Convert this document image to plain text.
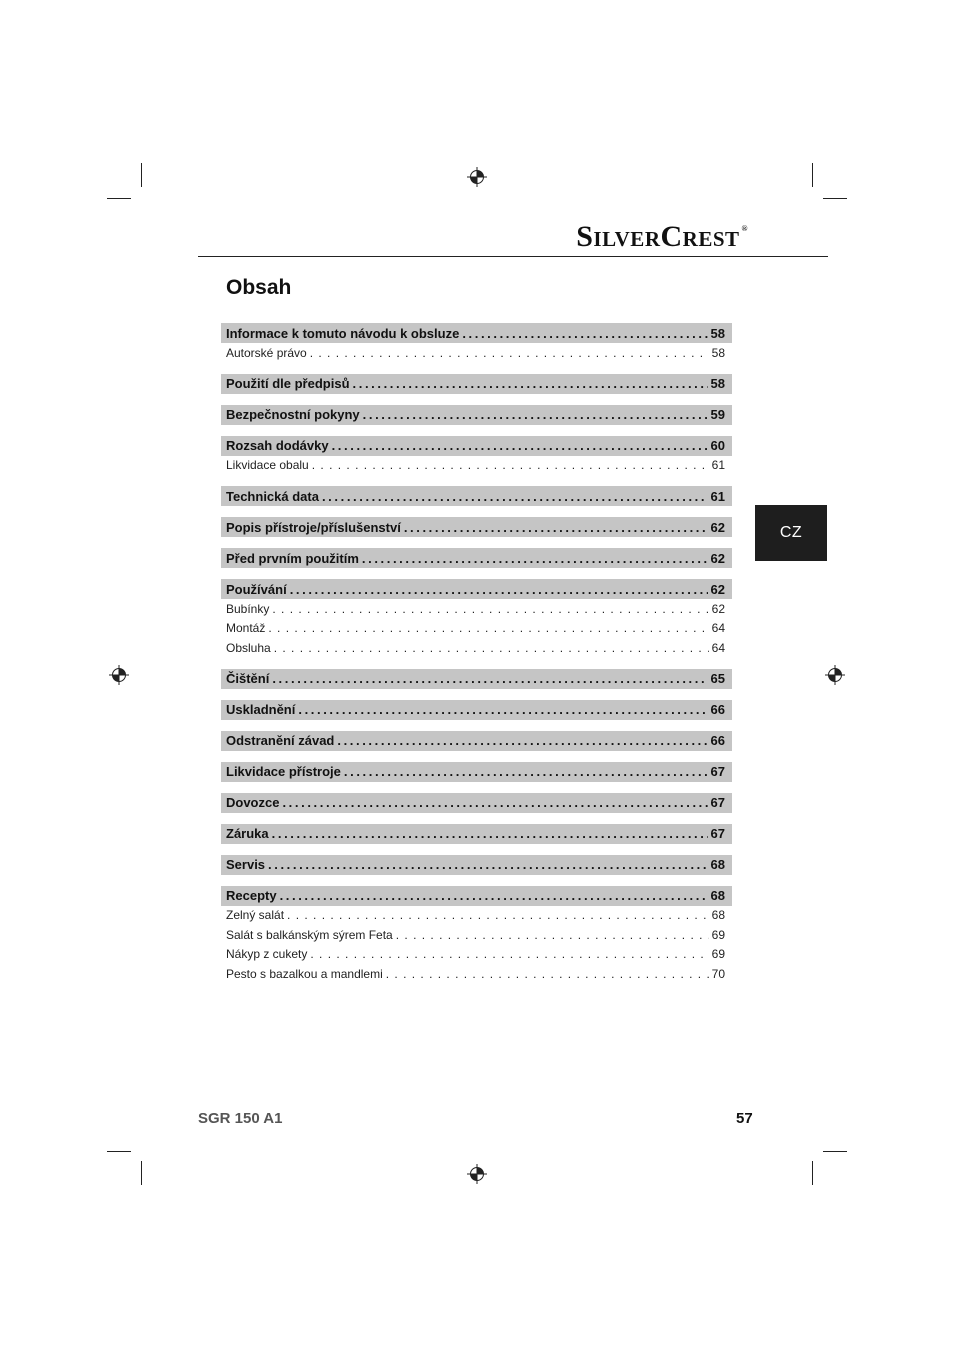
SILVERCREST ®
Obsah
CZ
Informace k tomuto návodu k obsluze .....	58
Autorské právo . . .	58
Použití dle předpisů .....	58
Bezpečnostní pokyny .....	59
Rozsah dodávky .....	60
Likvidace obalu . . .	61
Technická data .....	61
Popis přístroje/příslušenství .....	62
Před prvním použitím .....	62
Používání .....	62
Bubínky . . .	62
Montáž . . .	64
Obsluha . . .	64
Čištění .....	65
Uskladnění .....	66
Odstranění závad .....	66
Likvidace přístroje .....	67
Dovozce .....	67
Záruka .....	67
Servis .....	68
Recepty .....	68
Zelný salát . . .	68
Salát s balkánským sýrem Feta . . .	69
Nákyp z cukety . . .	69
Pesto s bazalkou a mandlemi . . .	70
SGR 150 A1	57
